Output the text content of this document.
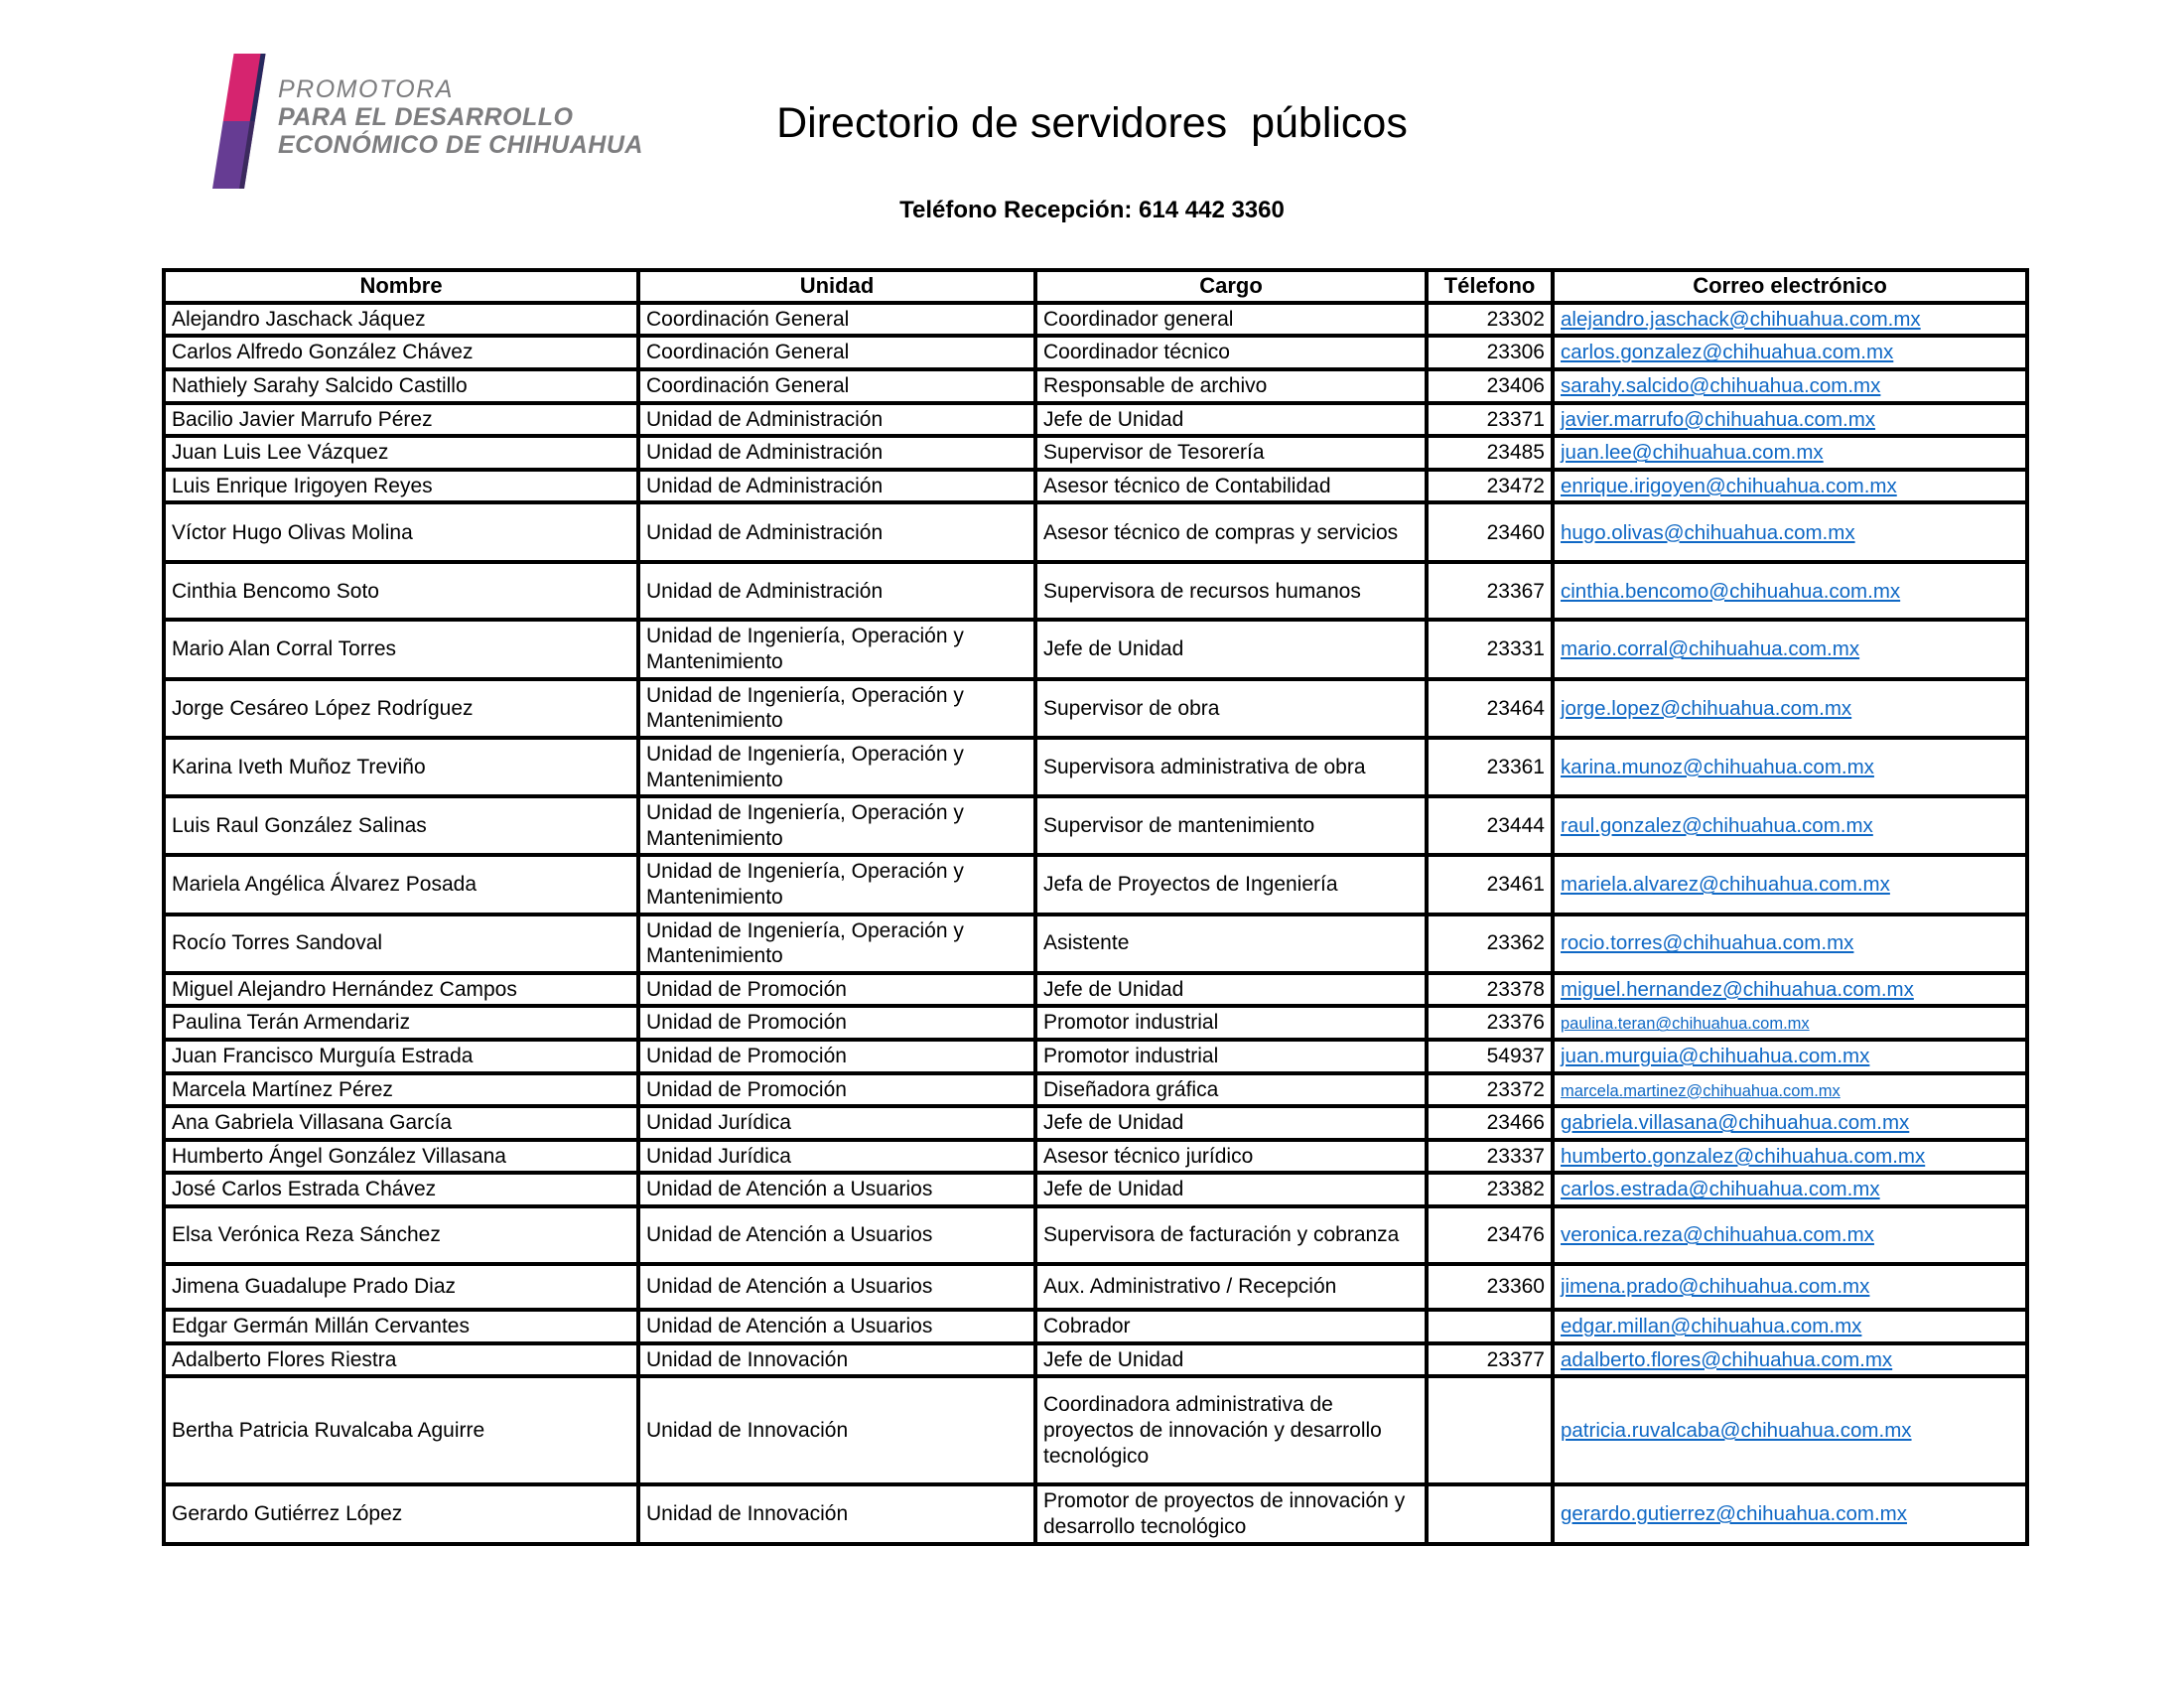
PROMOTORA
PARA EL DESARROLLO
ECONÓMICO DE CHIHUAHUA	Directorio de servidores  públicos
Teléfono Recepción: 614 442 3360
Nombre	Unidad	Cargo	Télefono	Correo electrónico
Alejandro Jaschack Jáquez	Coordinación General	Coordinador general	23302	alejandro.jaschack@chihuahua.com.mx
Carlos Alfredo González Chávez	Coordinación General	Coordinador técnico	23306	carlos.gonzalez@chihuahua.com.mx
Nathiely Sarahy Salcido Castillo	Coordinación General	Responsable de archivo	23406	sarahy.salcido@chihuahua.com.mx
Bacilio Javier Marrufo Pérez	Unidad de Administración	Jefe de Unidad	23371	javier.marrufo@chihuahua.com.mx
Juan Luis Lee Vázquez	Unidad de Administración	Supervisor de Tesorería	23485	juan.lee@chihuahua.com.mx
Luis Enrique Irigoyen Reyes	Unidad de Administración	Asesor técnico de Contabilidad	23472	enrique.irigoyen@chihuahua.com.mx
Víctor Hugo Olivas Molina	Unidad de Administración	Asesor técnico de compras y servicios	23460	hugo.olivas@chihuahua.com.mx
Cinthia Bencomo Soto	Unidad de Administración	Supervisora de recursos humanos	23367	cinthia.bencomo@chihuahua.com.mx
Mario Alan Corral Torres	Unidad de Ingeniería, Operación y Mantenimiento	Jefe de Unidad	23331	mario.corral@chihuahua.com.mx
Jorge Cesáreo López Rodríguez	Unidad de Ingeniería, Operación y Mantenimiento	Supervisor de obra	23464	jorge.lopez@chihuahua.com.mx
Karina Iveth Muñoz Treviño	Unidad de Ingeniería, Operación y Mantenimiento	Supervisora administrativa de obra	23361	karina.munoz@chihuahua.com.mx
Luis Raul González Salinas	Unidad de Ingeniería, Operación y Mantenimiento	Supervisor de mantenimiento	23444	raul.gonzalez@chihuahua.com.mx
Mariela Angélica Álvarez Posada	Unidad de Ingeniería, Operación y Mantenimiento	Jefa de Proyectos de Ingeniería	23461	mariela.alvarez@chihuahua.com.mx
Rocío Torres Sandoval	Unidad de Ingeniería, Operación y Mantenimiento	Asistente	23362	rocio.torres@chihuahua.com.mx
Miguel Alejandro Hernández Campos	Unidad de Promoción	Jefe de Unidad	23378	miguel.hernandez@chihuahua.com.mx
Paulina Terán Armendariz	Unidad de Promoción	Promotor industrial	23376	paulina.teran@chihuahua.com.mx
Juan Francisco Murguía Estrada	Unidad de Promoción	Promotor industrial	54937	juan.murguia@chihuahua.com.mx
Marcela Martínez Pérez	Unidad de Promoción	Diseñadora gráfica	23372	marcela.martinez@chihuahua.com.mx
Ana Gabriela Villasana García	Unidad Jurídica	Jefe de Unidad	23466	gabriela.villasana@chihuahua.com.mx
Humberto Ángel González Villasana	Unidad Jurídica	Asesor técnico jurídico	23337	humberto.gonzalez@chihuahua.com.mx
José Carlos Estrada Chávez	Unidad de Atención a Usuarios	Jefe de Unidad	23382	carlos.estrada@chihuahua.com.mx
Elsa Verónica Reza Sánchez	Unidad de Atención a Usuarios	Supervisora de facturación y cobranza	23476	veronica.reza@chihuahua.com.mx
Jimena Guadalupe Prado Diaz	Unidad de Atención a Usuarios	Aux. Administrativo / Recepción	23360	jimena.prado@chihuahua.com.mx
Edgar Germán Millán Cervantes	Unidad de Atención a Usuarios	Cobrador		edgar.millan@chihuahua.com.mx
Adalberto Flores Riestra	Unidad de Innovación	Jefe de Unidad	23377	adalberto.flores@chihuahua.com.mx
Bertha Patricia Ruvalcaba Aguirre	Unidad de Innovación	Coordinadora administrativa de proyectos de innovación y desarrollo tecnológico		patricia.ruvalcaba@chihuahua.com.mx
Gerardo Gutiérrez López	Unidad de Innovación	Promotor de proyectos de innovación y desarrollo tecnológico		gerardo.gutierrez@chihuahua.com.mx
